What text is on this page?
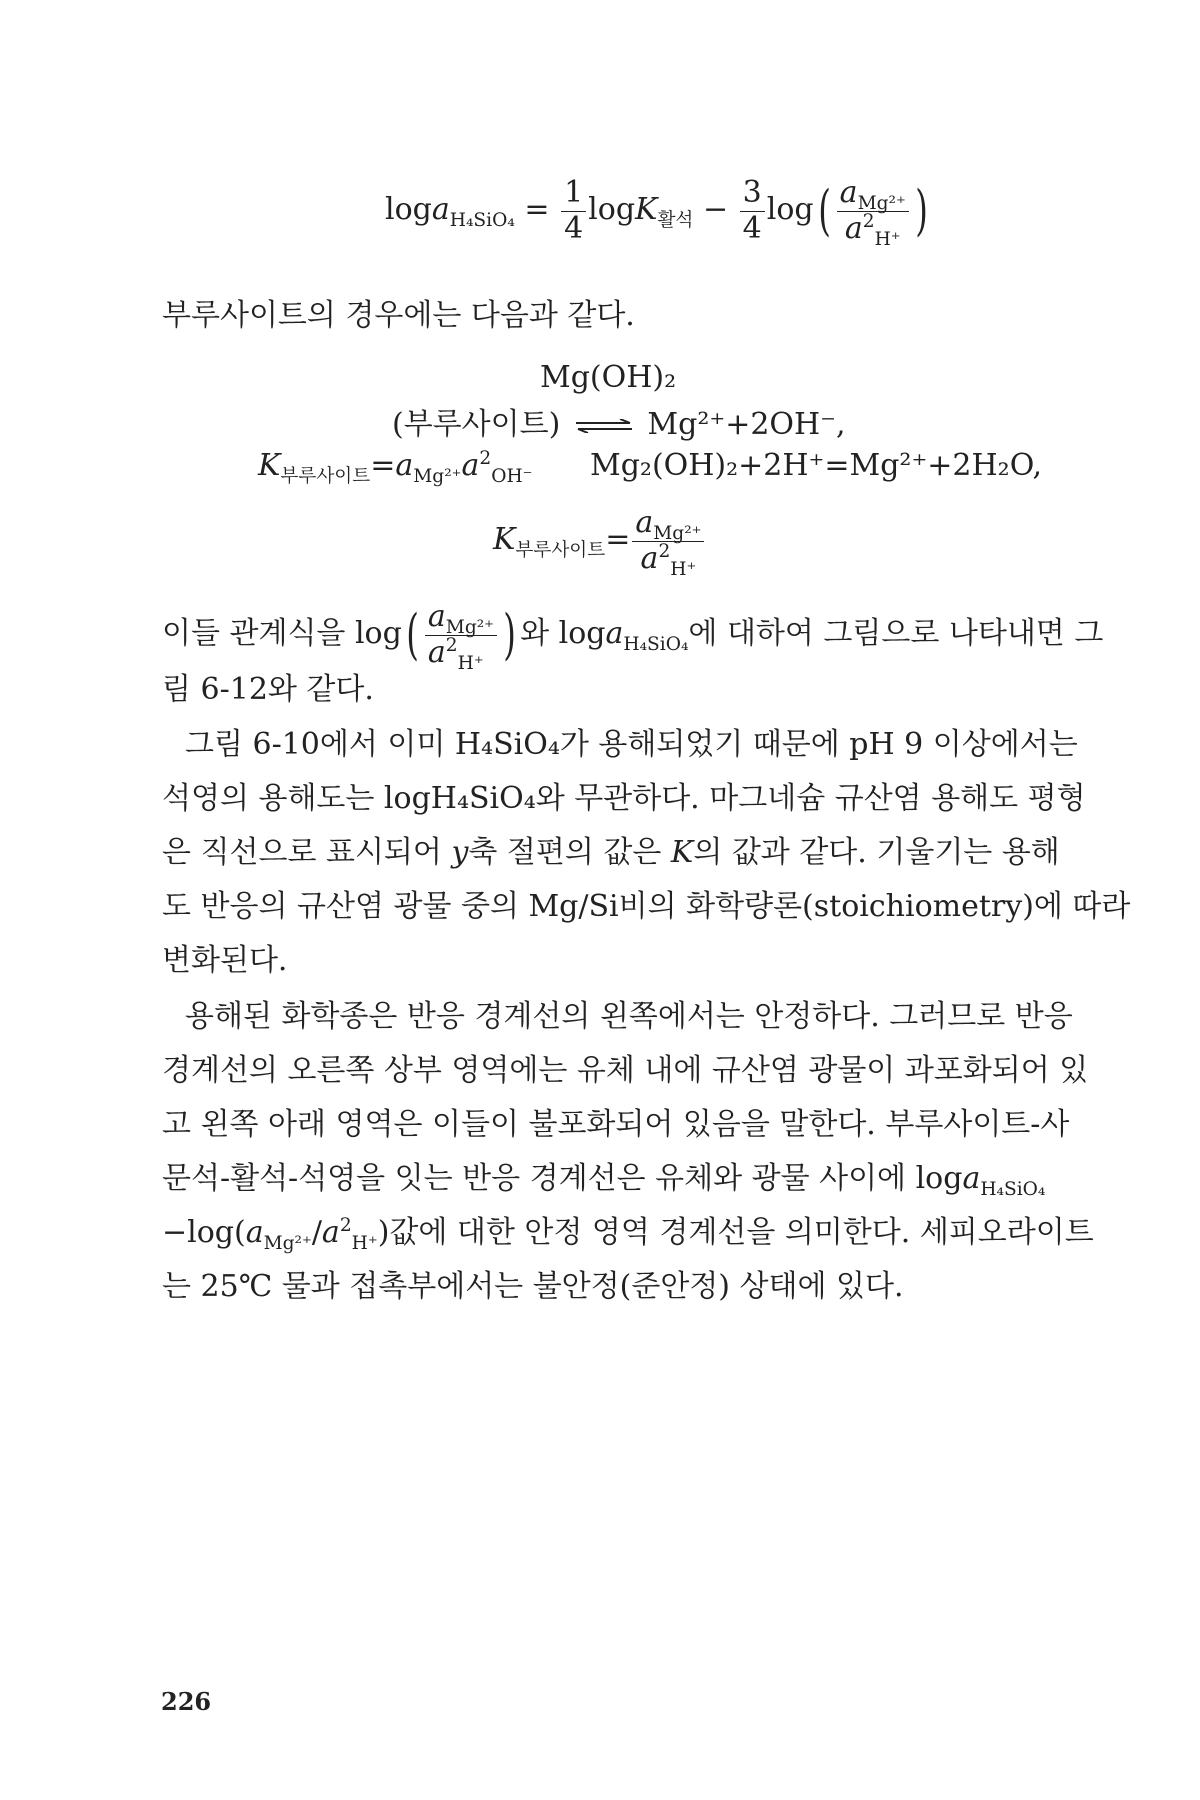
$\log a_{H_4SiO_4} = \frac{1}{4} \log K_{활석} - \frac{3}{4} \log( \frac{a_{Mg^{2+}}}{a^2_{H^+}}$ )
부루사이트의 경우에는 다음과 같다.
Mg(OH)₂
(부루사이트) ⇌ Mg²⁺+2OH⁻,
$K_{부루사이트}=a_{Mg^{2+}}a^2_{OH^-}$ Mg₂(OH)₂+2H⁺=Mg²⁺+2H₂O,
$K_{부루사이트}= \frac{a_{Mg^{2+}}}{a^2_{H^+}}$
이들 관계식을 $\log( \frac{a_{Mg^{2+}}}{a^2_{H^+}}$ ) 와 loga$_{H_4SiO_4}$에 대하여 그림으로 나타내면 그
림 6-12와 같다.
그림 6-10에서 이미 H₄SiO₄가 용해되었기 때문에 pH 9 이상에서는
석영의 용해도는 logH₄SiO₄와 무관하다. 마그네슘 규산염 용해도 평형
은 직선으로 표시되어 y축 절편의 값은 K의 값과 같다. 기울기는 용해
도 반응의 규산염 광물 중의 Mg/Si비의 화학량론(stoichiometry)에 따라
변화된다.
용해된 화학종은 반응 경계선의 왼쪽에서는 안정하다. 그러므로 반응
경계선의 오른쪽 상부 영역에는 유체 내에 규산염 광물이 과포화되어 있
고 왼쪽 아래 영역은 이들이 불포화되어 있음을 말한다. 부루사이트-사
문석-활석-석영을 잇는 반응 경계선은 유체와 광물 사이에 loga$_{H_4SiO_4}$
$-\log(a_{Mg^{2+}}/a^2_{H^+})$값에 대한 안정 영역 경계선을 의미한다. 세피오라이트
는 25℃ 물과 접촉부에서는 불안정(준안정) 상태에 있다.
226
